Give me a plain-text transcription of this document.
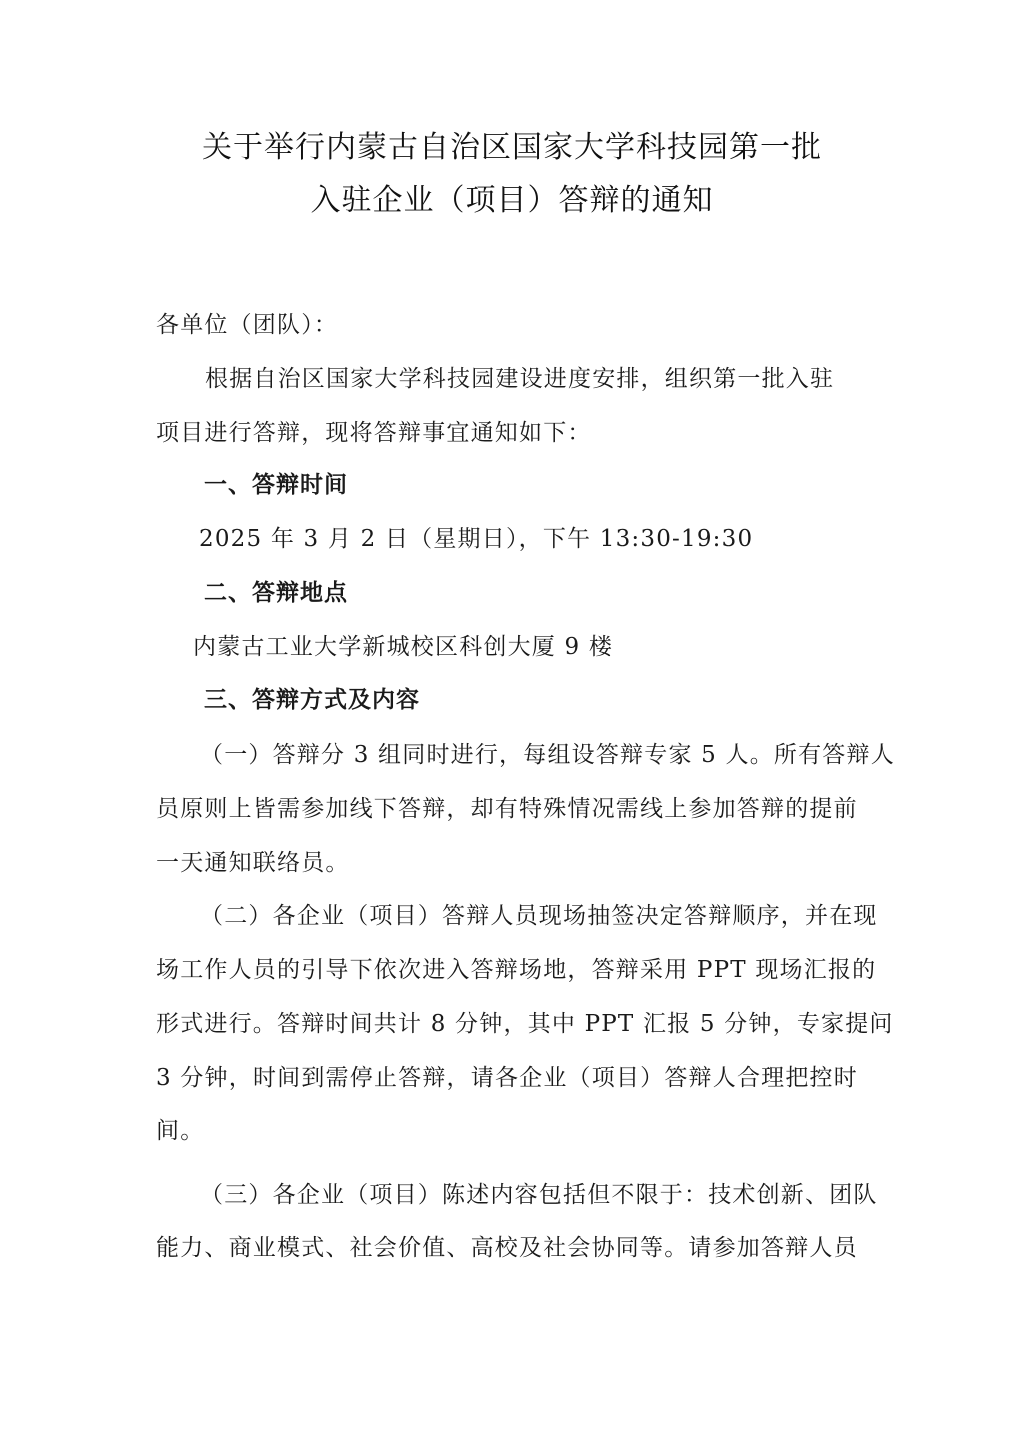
关于举行内蒙古自治区国家大学科技园第一批
入驻企业（项目）答辩的通知
各单位（团队）：
根据自治区国家大学科技园建设进度安排，组织第一批入驻
项目进行答辩，现将答辩事宜通知如下：
一、答辩时间
2025 年 3 月 2 日（星期日），下午 13:30-19:30
二、答辩地点
内蒙古工业大学新城校区科创大厦 9 楼
三、答辩方式及内容
（一）答辩分 3 组同时进行，每组设答辩专家 5 人。所有答辩人
员原则上皆需参加线下答辩，却有特殊情况需线上参加答辩的提前
一天通知联络员。
（二）各企业（项目）答辩人员现场抽签决定答辩顺序，并在现
场工作人员的引导下依次进入答辩场地，答辩采用 PPT 现场汇报的
形式进行。答辩时间共计 8 分钟，其中 PPT 汇报 5 分钟，专家提问
3 分钟，时间到需停止答辩，请各企业（项目）答辩人合理把控时
间。
（三）各企业（项目）陈述内容包括但不限于：技术创新、团队
能力、商业模式、社会价值、高校及社会协同等。请参加答辩人员
